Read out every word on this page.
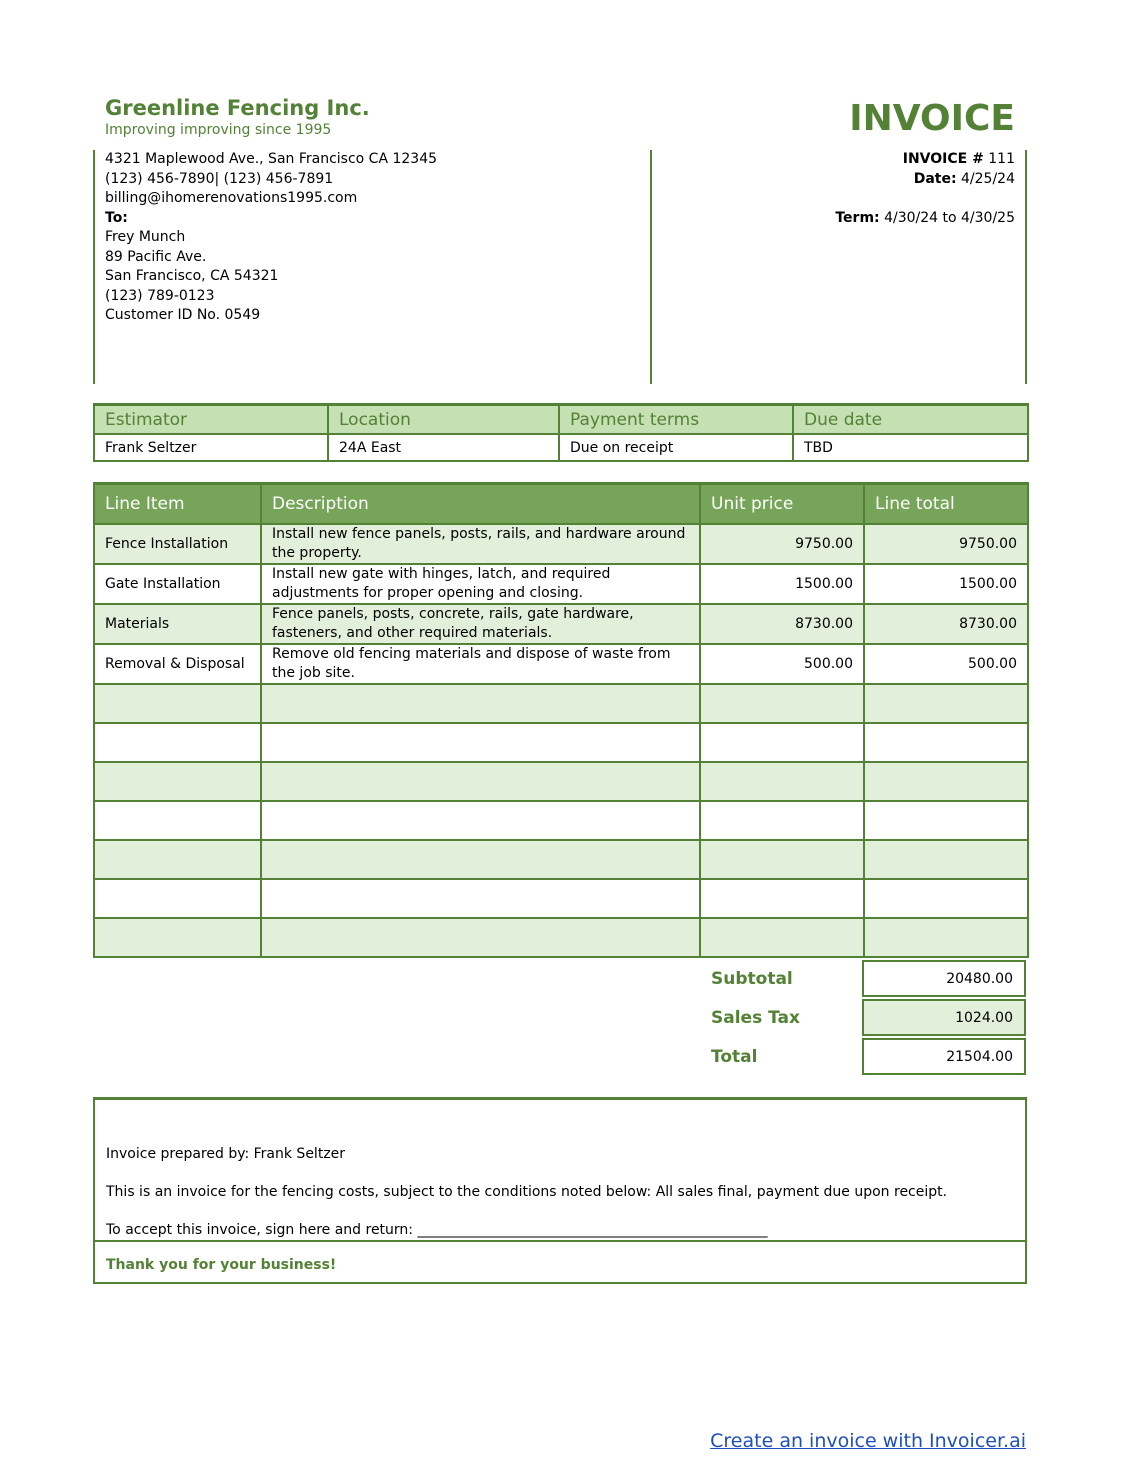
Greenline Fencing Inc.
Improving improving since 1995	INVOICE
4321 Maplewood Ave., San Francisco CA 12345
(123) 456-7890| (123) 456-7891
billing@ihomerenovations1995.com
To:
Frey Munch
89 Pacific Ave.
San Francisco, CA 54321
(123) 789-0123
Customer ID No. 0549
INVOICE # 111
Date: 4/25/24
Term: 4/30/24 to 4/30/25
Estimator	Location	Payment terms	Due date
Frank Seltzer	24A East	Due on receipt	TBD
Line Item	Description	Unit price	Line total
Fence Installation	Install new fence panels, posts, rails, and hardware around the property.	9750.00	9750.00
Gate Installation	Install new gate with hinges, latch, and required adjustments for proper opening and closing.	1500.00	1500.00
Materials	Fence panels, posts, concrete, rails, gate hardware, fasteners, and other required materials.	8730.00	8730.00
Removal & Disposal	Remove old fencing materials and dispose of waste from the job site.	500.00	500.00

Subtotal	20480.00
Sales Tax	1024.00
Total	21504.00
Invoice prepared by: Frank Seltzer
This is an invoice for the fencing costs, subject to the conditions noted below: All sales final, payment due upon receipt.
To accept this invoice, sign here and return: __________________________________________________
Thank you for your business!
Create an invoice with Invoicer.ai
